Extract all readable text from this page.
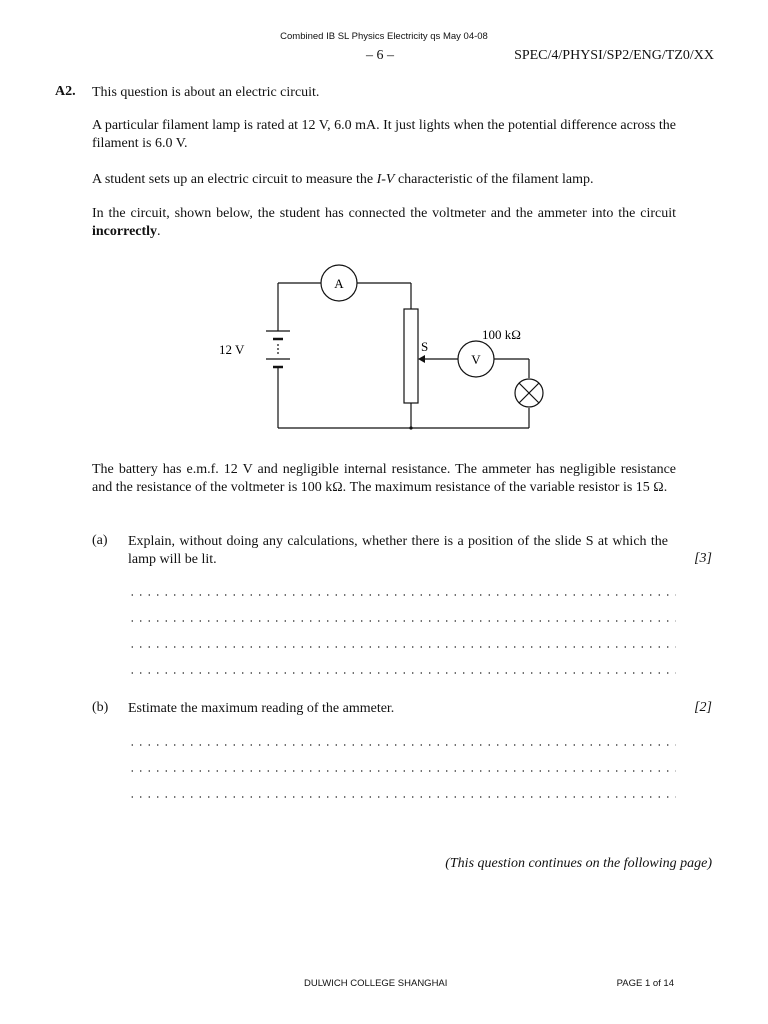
Combined IB SL Physics Electricity qs May 04-08
– 6 –	SPEC/4/PHYSI/SP2/ENG/TZ0/XX
A2. This question is about an electric circuit.
A particular filament lamp is rated at 12 V, 6.0 mA. It just lights when the potential difference across the filament is 6.0 V.
A student sets up an electric circuit to measure the I-V characteristic of the filament lamp.
In the circuit, shown below, the student has connected the voltmeter and the ammeter into the circuit incorrectly.
A
V
12 V	S
100 kΩ
The battery has e.m.f. 12 V and negligible internal resistance. The ammeter has negligible resistance and the resistance of the voltmeter is 100 kΩ. The maximum resistance of the variable resistor is 15 Ω.
(a) Explain, without doing any calculations, whether there is a position of the slide S at which the lamp will be lit.	[3]
(b) Estimate the maximum reading of the ammeter.	[2]
(This question continues on the following page)
DULWICH COLLEGE SHANGHAI	PAGE 1 of 14
